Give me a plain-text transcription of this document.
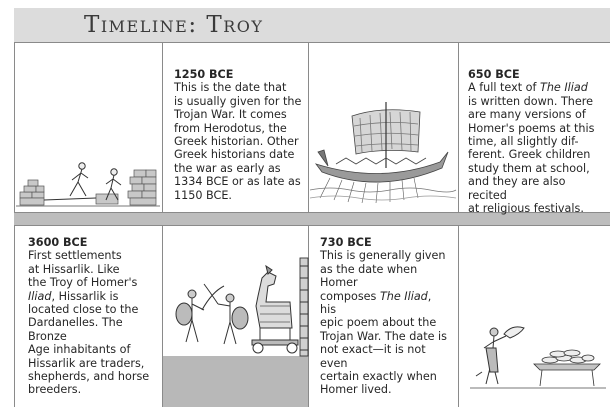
Timeline: Troy
1250 BCE
This is the date that
is usually given for the
Trojan War. It comes
from Herodotus, the
Greek historian. Other
Greek historians date
the war as early as
1334 BCE or as late as
1150 BCE.
650 BCE
A full text of The Iliad
is written down. There
are many versions of
Homer's poems at this
time, all slightly dif-
ferent. Greek children
study them at school,
and they are also recited
at religious festivals.
3600 BCE
First settlements
at Hissarlik. Like
the Troy of Homer's
Iliad, Hissarlik is
located close to the
Dardanelles. The Bronze
Age inhabitants of
Hissarlik are traders,
shepherds, and horse
breeders.
730 BCE
This is generally given
as the date when Homer
composes The Iliad, his
epic poem about the
Trojan War. The date is
not exact—it is not even
certain exactly when
Homer lived.
